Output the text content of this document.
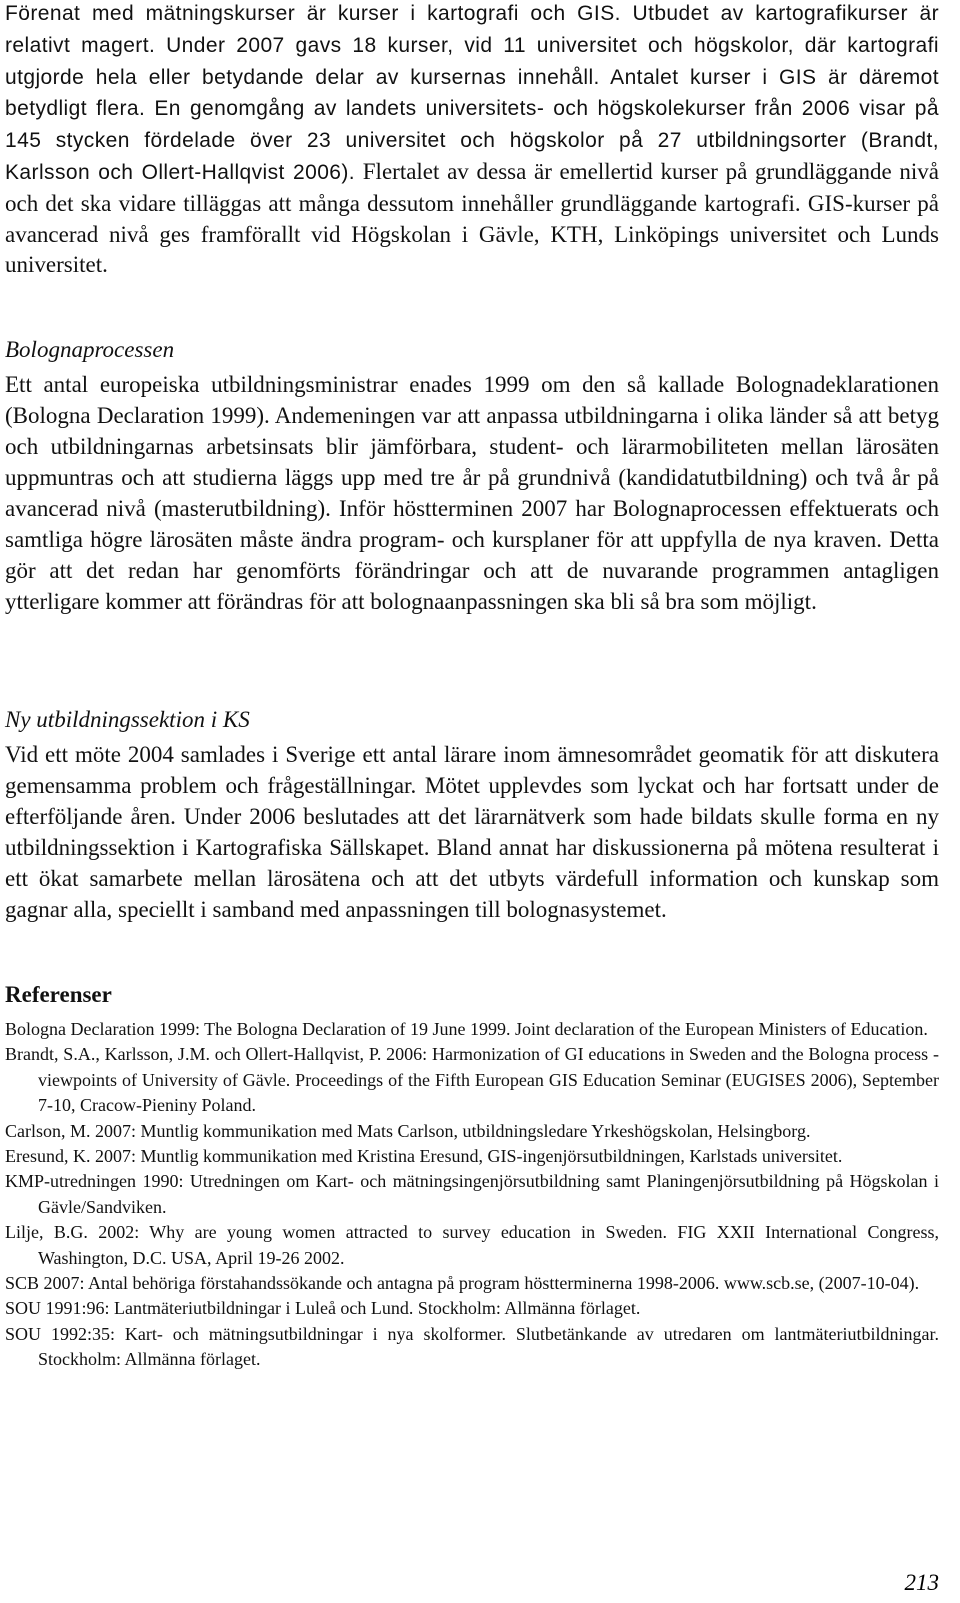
Förenat med mätningskurser är kurser i kartografi och GIS. Utbudet av kartografikurser är relativt magert. Under 2007 gavs 18 kurser, vid 11 universitet och högskolor, där kartografi utgjorde hela eller betydande delar av kursernas innehåll. Antalet kurser i GIS är däremot betydligt flera. En genomgång av landets universitets- och högskolekurser från 2006 visar på 145 stycken fördelade över 23 universitet och högskolor på 27 utbildningsorter (Brandt, Karlsson och Ollert-Hallqvist 2006). Flertalet av dessa är emellertid kurser på grundläggande nivå och det ska vidare tilläggas att många dessutom innehåller grundläggande kartografi. GIS-kurser på avancerad nivå ges framförallt vid Högskolan i Gävle, KTH, Linköpings universitet och Lunds universitet.

Bolognaprocessen

Ett antal europeiska utbildningsministrar enades 1999 om den så kallade Bolognadeklarationen (Bologna Declaration 1999). Andemeningen var att anpassa utbildningarna i olika länder så att betyg och utbildningarnas arbetsinsats blir jämförbara, student- och lärarmobiliteten mellan lärosäten uppmuntras och att studierna läggs upp med tre år på grundnivå (kandidatutbildning) och två år på avancerad nivå (masterutbildning). Inför höstterminen 2007 har Bolognaprocessen effektuerats och samtliga högre lärosäten måste ändra program- och kursplaner för att uppfylla de nya kraven. Detta gör att det redan har genomförts förändringar och att de nuvarande programmen antagligen ytterligare kommer att förändras för att bolognaanpassningen ska bli så bra som möjligt.

Ny utbildningssektion i KS

Vid ett möte 2004 samlades i Sverige ett antal lärare inom ämnesområdet geomatik för att diskutera gemensamma problem och frågeställningar. Mötet upplevdes som lyckat och har fortsatt under de efterföljande åren. Under 2006 beslutades att det lärarnätverk som hade bildats skulle forma en ny utbildningssektion i Kartografiska Sällskapet. Bland annat har diskussionerna på mötena resulterat i ett ökat samarbete mellan lärosätena och att det utbyts värdefull information och kunskap som gagnar alla, speciellt i samband med anpassningen till bolognasystemet.

Referenser
Bologna Declaration 1999: The Bologna Declaration of 19 June 1999. Joint declaration of the European Ministers of Education.
Brandt, S.A., Karlsson, J.M. och Ollert-Hallqvist, P. 2006: Harmonization of GI educations in Sweden and the Bologna process - viewpoints of University of Gävle. Proceedings of the Fifth European GIS Education Seminar (EUGISES 2006), September 7-10, Cracow-Pieniny Poland.
Carlson, M. 2007: Muntlig kommunikation med Mats Carlson, utbildningsledare Yrkeshögskolan, Helsingborg.
Eresund, K. 2007: Muntlig kommunikation med Kristina Eresund, GIS-ingenjörsutbildningen, Karlstads universitet.
KMP-utredningen 1990: Utredningen om Kart- och mätningsingenjörsutbildning samt Planingenjörsutbildning på Högskolan i Gävle/Sandviken.
Lilje, B.G. 2002: Why are young women attracted to survey education in Sweden. FIG XXII International Congress, Washington, D.C. USA, April 19-26 2002.
SCB 2007: Antal behöriga förstahandssökande och antagna på program höstterminerna 1998-2006. www.scb.se, (2007-10-04).
SOU 1991:96: Lantmäteriutbildningar i Luleå och Lund. Stockholm: Allmänna förlaget.
SOU 1992:35: Kart- och mätningsutbildningar i nya skolformer. Slutbetänkande av utredaren om lantmäteriutbildningar. Stockholm: Allmänna förlaget.
213
